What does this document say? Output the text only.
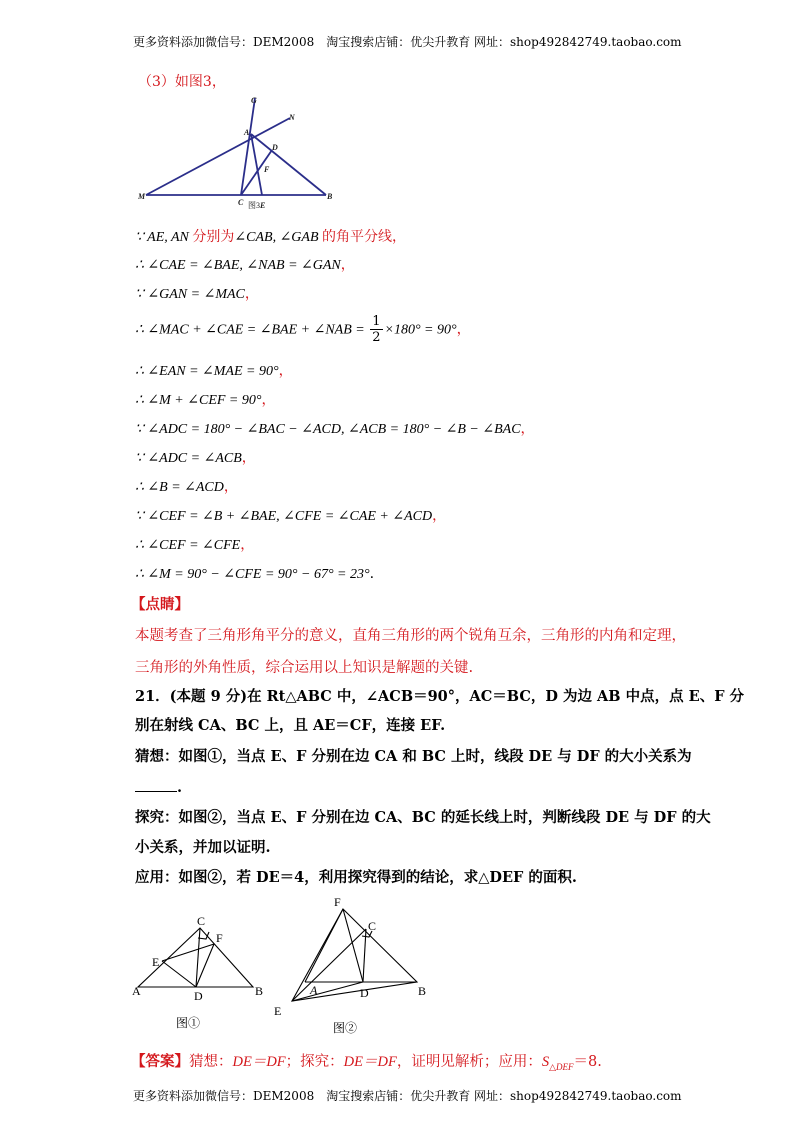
更多资料添加微信号：DEM2008　淘宝搜索店铺：优尖升教育 网址：shop492842749.taobao.com
（3）如图3，
G
N
A
D
F
M
C 图3 E
B
∵ AE, AN 分别为∠CAB, ∠GAB 的角平分线，
∴ ∠CAE = ∠BAE, ∠NAB = ∠GAN，
∵ ∠GAN = ∠MAC，
∴ ∠MAC + ∠CAE = ∠BAE + ∠NAB = $\frac{1}{2} \times 180^\circ = 90^\circ$，
∴ ∠EAN = ∠MAE = 90°，
∴ ∠M + ∠CEF = 90°，
∵ ∠ADC = 180° − ∠BAC − ∠ACD, ∠ACB = 180° − ∠B − ∠BAC，
∵ ∠ADC = ∠ACB，
∴ ∠B = ∠ACD，
∵ ∠CEF = ∠B + ∠BAE, ∠CFE = ∠CAE + ∠ACD，
∴ ∠CEF = ∠CFE，
∴ ∠M = 90° − ∠CFE = 90° − 67° = 23°.
【点睛】
本题考查了三角形角平分的意义，直角三角形的两个锐角互余，三角形的内角和定理，
三角形的外角性质，综合运用以上知识是解题的关键.
21．(本题 9 分)在 Rt△ABC 中，∠ACB＝90°，AC＝BC，D 为边 AB 中点，点 E、F 分
别在射线 CA、BC 上，且 AE＝CF，连接 EF.
猜想：如图①，当点 E、F 分别在边 CA 和 BC 上时，线段 DE 与 DF 的大小关系为
.
探究：如图②，当点 E、F 分别在边 CA、BC 的延长线上时，判断线段 DE 与 DF 的大
小关系，并加以证明.
应用：如图②，若 DE＝4，利用探究得到的结论，求△DEF 的面积.
C
F
E
A	D	B
图①
F
C
A	D	B
E
图②
【答案】猜想：DE＝DF；探究：DE＝DF，证明见解析；应用：$S_{\triangle DEF}=8$.
更多资料添加微信号：DEM2008　淘宝搜索店铺：优尖升教育 网址：shop492842749.taobao.com
